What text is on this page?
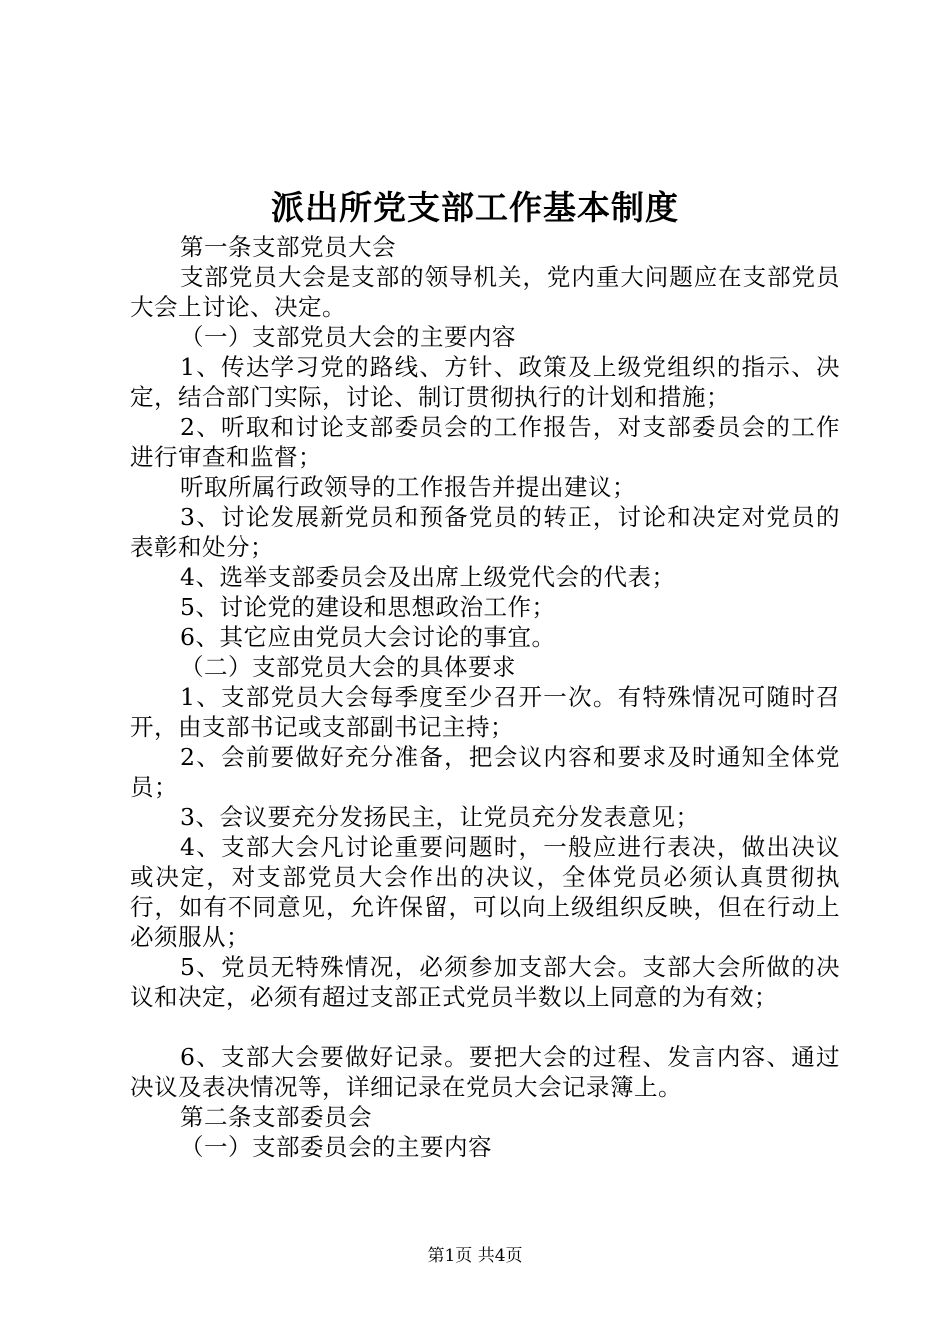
派出所党支部工作基本制度

第一条支部党员大会

支部党员大会是支部的领导机关，党内重大问题应在支部党员大会上讨论、决定。

（一）支部党员大会的主要内容

1、传达学习党的路线、方针、政策及上级党组织的指示、决定，结合部门实际，讨论、制订贯彻执行的计划和措施；

2、听取和讨论支部委员会的工作报告，对支部委员会的工作进行审查和监督；

听取所属行政领导的工作报告并提出建议；

3、讨论发展新党员和预备党员的转正，讨论和决定对党员的表彰和处分；

4、选举支部委员会及出席上级党代会的代表；

5、讨论党的建设和思想政治工作；

6、其它应由党员大会讨论的事宜。

（二）支部党员大会的具体要求

1、支部党员大会每季度至少召开一次。有特殊情况可随时召开，由支部书记或支部副书记主持；

2、会前要做好充分准备，把会议内容和要求及时通知全体党员；

3、会议要充分发扬民主，让党员充分发表意见；

4、支部大会凡讨论重要问题时，一般应进行表决，做出决议或决定，对支部党员大会作出的决议，全体党员必须认真贯彻执行，如有不同意见，允许保留，可以向上级组织反映，但在行动上必须服从；

5、党员无特殊情况，必须参加支部大会。支部大会所做的决议和决定，必须有超过支部正式党员半数以上同意的为有效；

6、支部大会要做好记录。要把大会的过程、发言内容、通过决议及表决情况等，详细记录在党员大会记录簿上。

第二条支部委员会

（一）支部委员会的主要内容

第1页 共4页
